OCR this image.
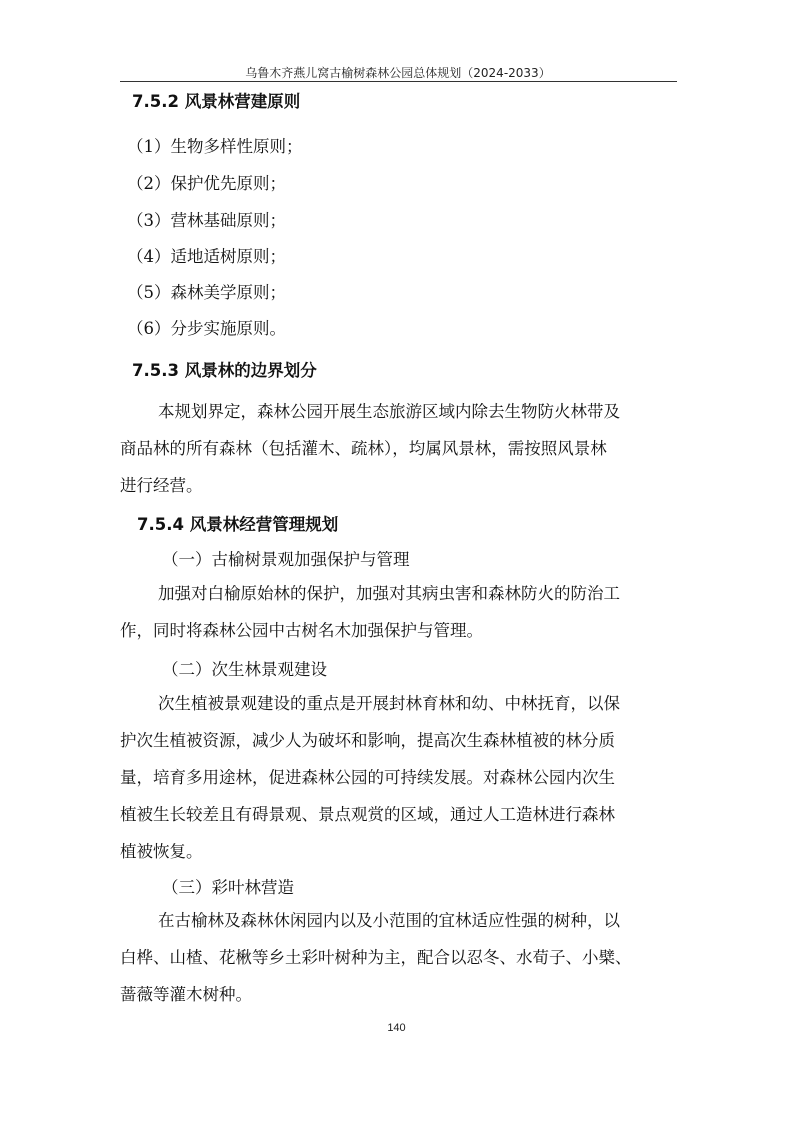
乌鲁木齐燕儿窝古榆树森林公园总体规划（2024-2033）
7.5.2 风景林营建原则
（1）生物多样性原则；
（2）保护优先原则；
（3）营林基础原则；
（4）适地适树原则；
（5）森林美学原则；
（6）分步实施原则。
7.5.3 风景林的边界划分
本规划界定，森林公园开展生态旅游区域内除去生物防火林带及
商品林的所有森林（包括灌木、疏林），均属风景林，需按照风景林
进行经营。
7.5.4 风景林经营管理规划
（一）古榆树景观加强保护与管理
加强对白榆原始林的保护，加强对其病虫害和森林防火的防治工
作，同时将森林公园中古树名木加强保护与管理。
（二）次生林景观建设
次生植被景观建设的重点是开展封林育林和幼、中林抚育，以保
护次生植被资源，减少人为破坏和影响，提高次生森林植被的林分质
量，培育多用途林，促进森林公园的可持续发展。对森林公园内次生
植被生长较差且有碍景观、景点观赏的区域，通过人工造林进行森林
植被恢复。
（三）彩叶林营造
在古榆林及森林休闲园内以及小范围的宜林适应性强的树种，以
白桦、山楂、花楸等乡土彩叶树种为主，配合以忍冬、水荀子、小檗、
蔷薇等灌木树种。
140
